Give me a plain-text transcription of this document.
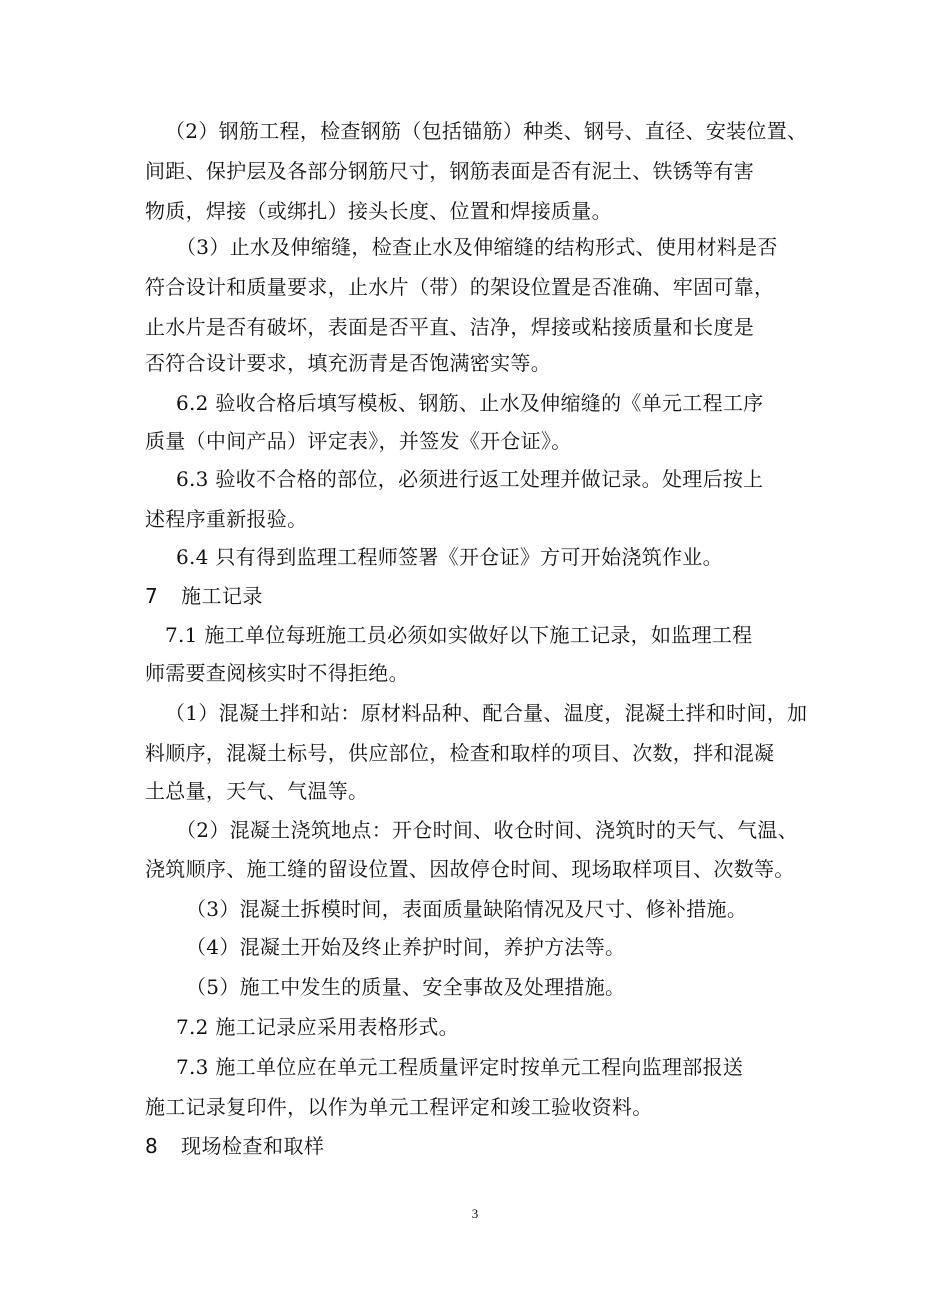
（2）钢筋工程，检查钢筋（包括锚筋）种类、钢号、直径、安装位置、
间距、保护层及各部分钢筋尺寸，钢筋表面是否有泥土、铁锈等有害
物质，焊接（或绑扎）接头长度、位置和焊接质量。
（3）止水及伸缩缝，检查止水及伸缩缝的结构形式、使用材料是否
符合设计和质量要求，止水片（带）的架设位置是否准确、牢固可靠，
止水片是否有破坏，表面是否平直、洁净，焊接或粘接质量和长度是
否符合设计要求，填充沥青是否饱满密实等。
6.2 验收合格后填写模板、钢筋、止水及伸缩缝的《单元工程工序
质量（中间产品）评定表》，并签发《开仓证》。
6.3 验收不合格的部位，必须进行返工处理并做记录。处理后按上
述程序重新报验。
6.4 只有得到监理工程师签署《开仓证》方可开始浇筑作业。
7 施工记录
7.1 施工单位每班施工员必须如实做好以下施工记录，如监理工程
师需要查阅核实时不得拒绝。
（1）混凝土拌和站：原材料品种、配合量、温度，混凝土拌和时间，加
料顺序，混凝土标号，供应部位，检查和取样的项目、次数，拌和混凝
土总量，天气、气温等。
（2）混凝土浇筑地点：开仓时间、收仓时间、浇筑时的天气、气温、
浇筑顺序、施工缝的留设位置、因故停仓时间、现场取样项目、次数等。
（3）混凝土拆模时间，表面质量缺陷情况及尺寸、修补措施。
（4）混凝土开始及终止养护时间，养护方法等。
（5）施工中发生的质量、安全事故及处理措施。
7.2 施工记录应采用表格形式。
7.3 施工单位应在单元工程质量评定时按单元工程向监理部报送
施工记录复印件，以作为单元工程评定和竣工验收资料。
8 现场检查和取样
3
